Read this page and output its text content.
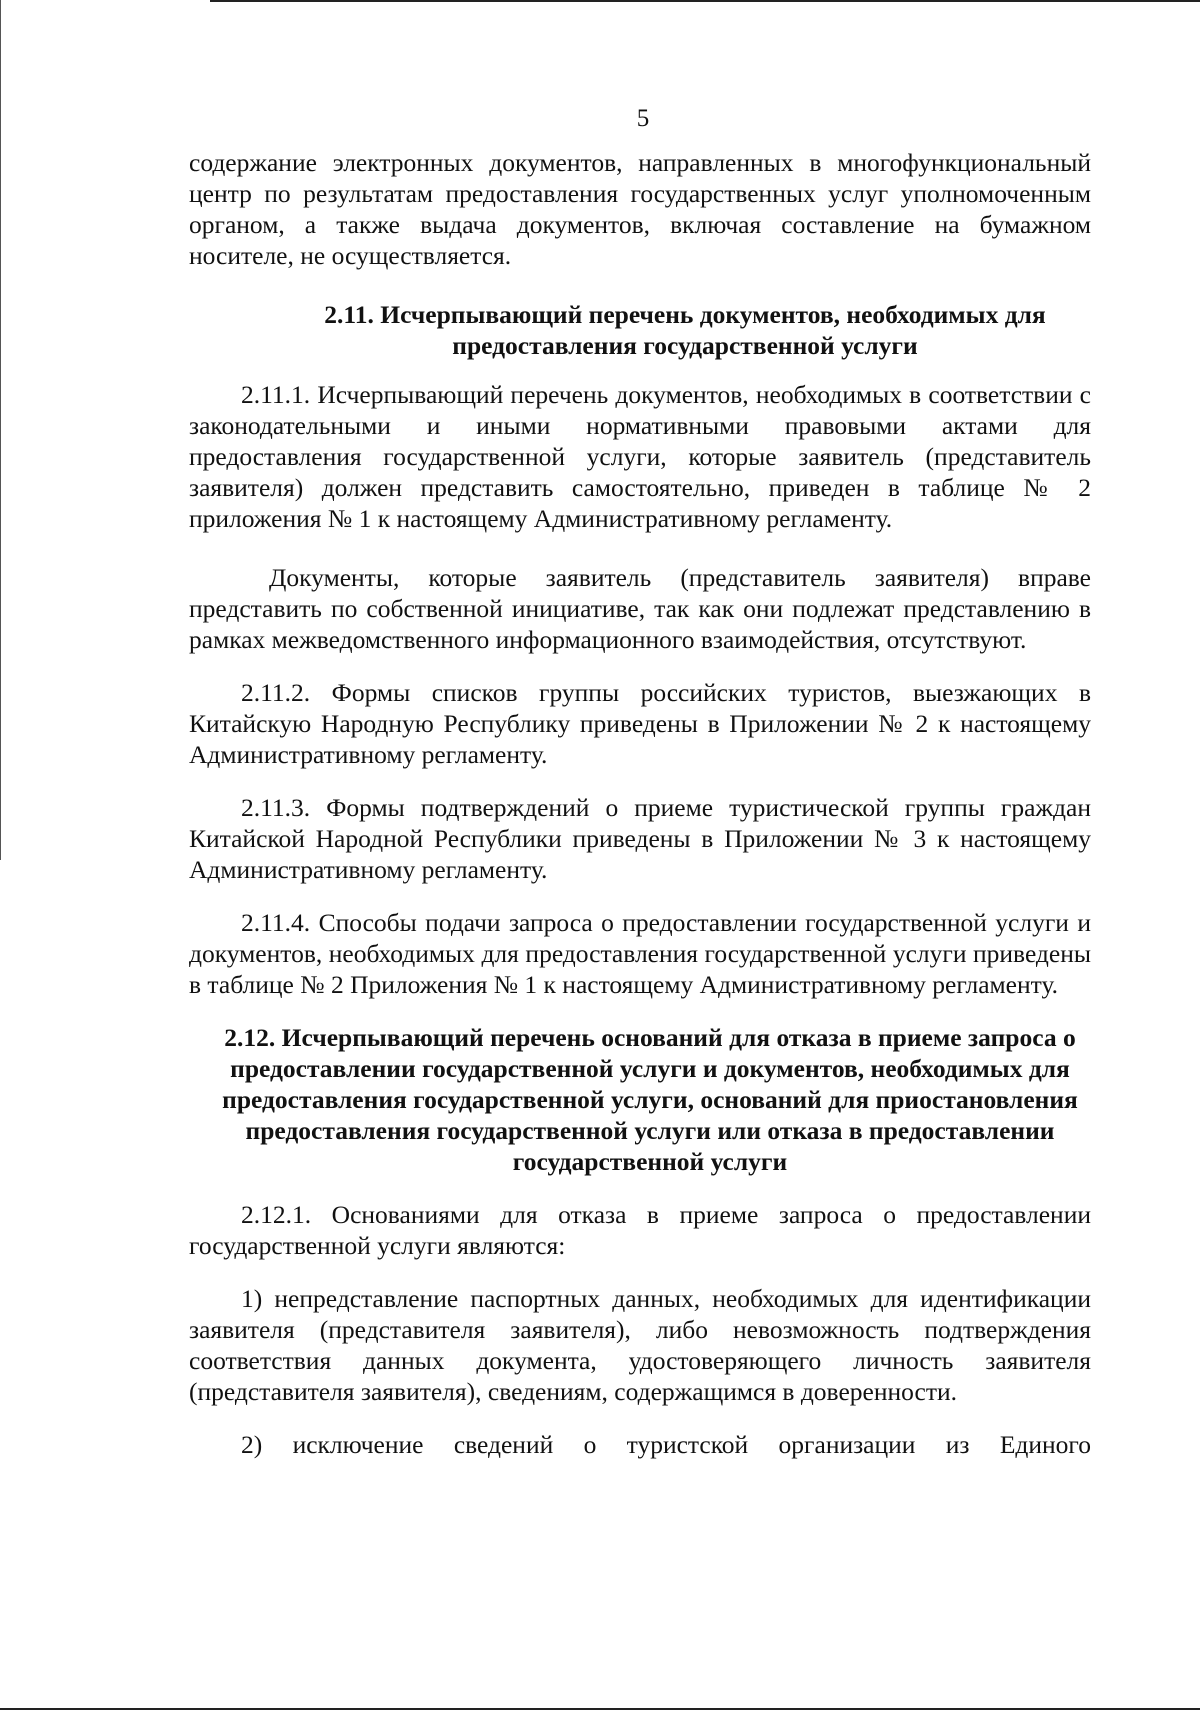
5

содержание электронных документов, направленных в многофункциональный центр по результатам предоставления государственных услуг уполномоченным органом, а также выдача документов, включая составление на бумажном носителе, не осуществляется.

2.11. Исчерпывающий перечень документов, необходимых для предоставления государственной услуги

2.11.1. Исчерпывающий перечень документов, необходимых в соответствии с законодательными и иными нормативными правовыми актами для предоставления государственной услуги, которые заявитель (представитель заявителя) должен представить самостоятельно, приведен в таблице № 2 приложения № 1 к настоящему Административному регламенту.

Документы, которые заявитель (представитель заявителя) вправе представить по собственной инициативе, так как они подлежат представлению в рамках межведомственного информационного взаимодействия, отсутствуют.

2.11.2. Формы списков группы российских туристов, выезжающих в Китайскую Народную Республику приведены в Приложении № 2 к настоящему Административному регламенту.

2.11.3. Формы подтверждений о приеме туристической группы граждан Китайской Народной Республики приведены в Приложении № 3 к настоящему Административному регламенту.

2.11.4. Способы подачи запроса о предоставлении государственной услуги и документов, необходимых для предоставления государственной услуги приведены в таблице № 2 Приложения № 1 к настоящему Административному регламенту.

2.12. Исчерпывающий перечень оснований для отказа в приеме запроса о предоставлении государственной услуги и документов, необходимых для предоставления государственной услуги, оснований для приостановления предоставления государственной услуги или отказа в предоставлении государственной услуги

2.12.1. Основаниями для отказа в приеме запроса о предоставлении государственной услуги являются:

1) непредставление паспортных данных, необходимых для идентификации заявителя (представителя заявителя), либо невозможность подтверждения соответствия данных документа, удостоверяющего личность заявителя (представителя заявителя), сведениям, содержащимся в доверенности.

2) исключение сведений о туристской организации из Единого
